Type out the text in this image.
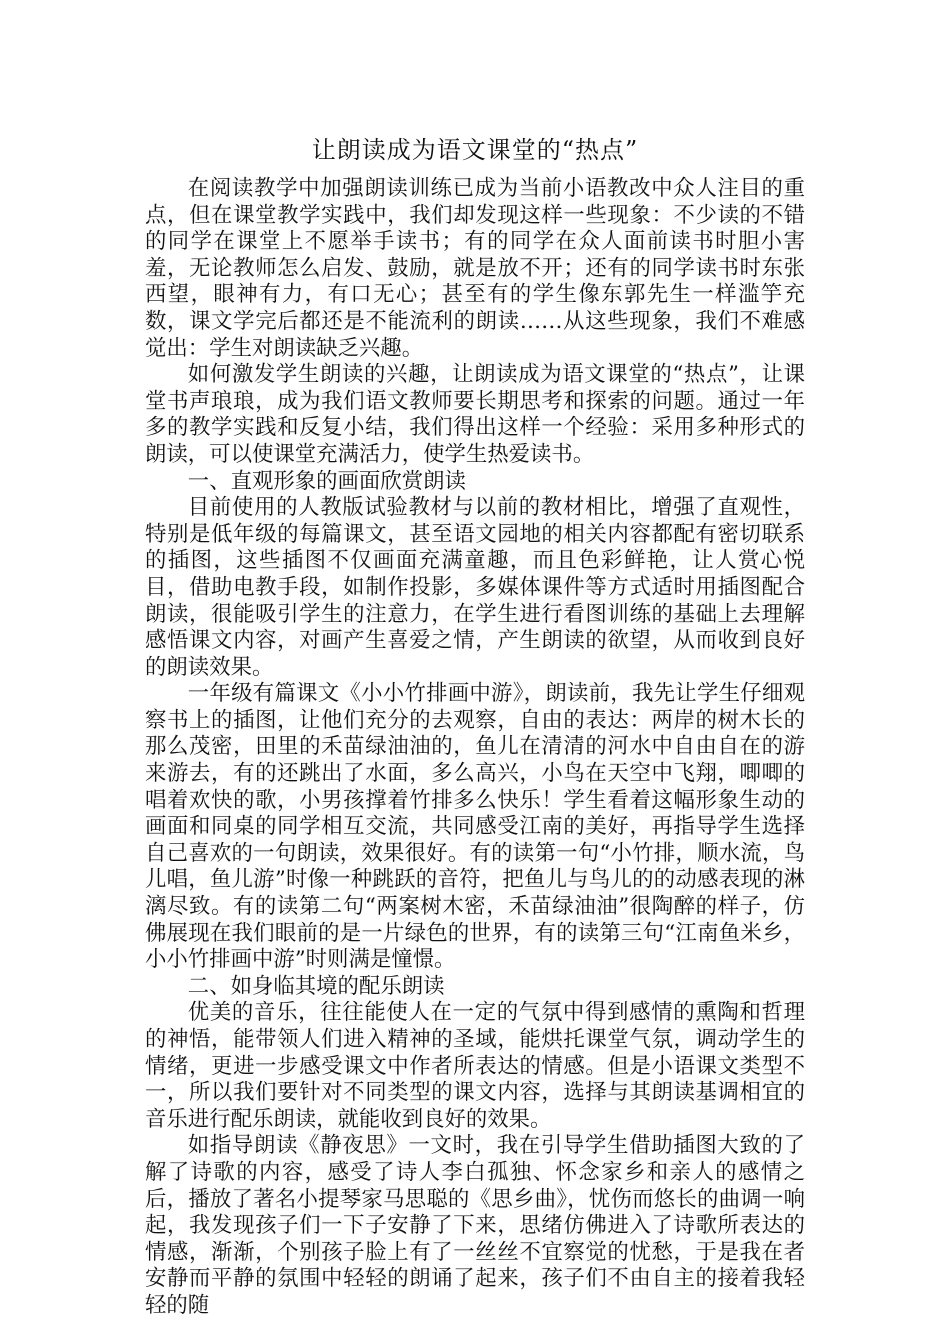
让朗读成为语文课堂的“热点”

在阅读教学中加强朗读训练已成为当前小语教改中众人注目的重点，但在课堂教学实践中，我们却发现这样一些现象：不少读的不错的同学在课堂上不愿举手读书；有的同学在众人面前读书时胆小害羞，无论教师怎么启发、鼓励，就是放不开；还有的同学读书时东张西望，眼神有力，有口无心；甚至有的学生像东郭先生一样滥竽充数，课文学完后都还是不能流利的朗读……从这些现象，我们不难感觉出：学生对朗读缺乏兴趣。

如何激发学生朗读的兴趣，让朗读成为语文课堂的“热点”，让课堂书声琅琅，成为我们语文教师要长期思考和探索的问题。通过一年多的教学实践和反复小结，我们得出这样一个经验：采用多种形式的朗读，可以使课堂充满活力，使学生热爱读书。

一、直观形象的画面欣赏朗读

目前使用的人教版试验教材与以前的教材相比，增强了直观性，特别是低年级的每篇课文，甚至语文园地的相关内容都配有密切联系的插图，这些插图不仅画面充满童趣，而且色彩鲜艳，让人赏心悦目，借助电教手段，如制作投影，多媒体课件等方式适时用插图配合朗读，很能吸引学生的注意力，在学生进行看图训练的基础上去理解感悟课文内容，对画产生喜爱之情，产生朗读的欲望，从而收到良好的朗读效果。

一年级有篇课文《小小竹排画中游》，朗读前，我先让学生仔细观察书上的插图，让他们充分的去观察，自由的表达：两岸的树木长的那么茂密，田里的禾苗绿油油的，鱼儿在清清的河水中自由自在的游来游去，有的还跳出了水面，多么高兴，小鸟在天空中飞翔，唧唧的唱着欢快的歌，小男孩撑着竹排多么快乐！学生看着这幅形象生动的画面和同桌的同学相互交流，共同感受江南的美好，再指导学生选择自己喜欢的一句朗读，效果很好。有的读第一句“小竹排，顺水流，鸟儿唱，鱼儿游”时像一种跳跃的音符，把鱼儿与鸟儿的的动感表现的淋漓尽致。有的读第二句“两案树木密，禾苗绿油油”很陶醉的样子，仿佛展现在我们眼前的是一片绿色的世界，有的读第三句“江南鱼米乡，小小竹排画中游”时则满是憧憬。

二、如身临其境的配乐朗读

优美的音乐，往往能使人在一定的气氛中得到感情的熏陶和哲理的神悟，能带领人们进入精神的圣域，能烘托课堂气氛，调动学生的情绪，更进一步感受课文中作者所表达的情感。但是小语课文类型不一，所以我们要针对不同类型的课文内容，选择与其朗读基调相宜的音乐进行配乐朗读，就能收到良好的效果。

如指导朗读《静夜思》一文时，我在引导学生借助插图大致的了解了诗歌的内容，感受了诗人李白孤独、怀念家乡和亲人的感情之后，播放了著名小提琴家马思聪的《思乡曲》，忧伤而悠长的曲调一响起，我发现孩子们一下子安静了下来，思绪仿佛进入了诗歌所表达的情感，渐渐，个别孩子脸上有了一丝丝不宜察觉的忧愁，于是我在者安静而平静的氛围中轻轻的朗诵了起来，孩子们不由自主的接着我轻轻的随
